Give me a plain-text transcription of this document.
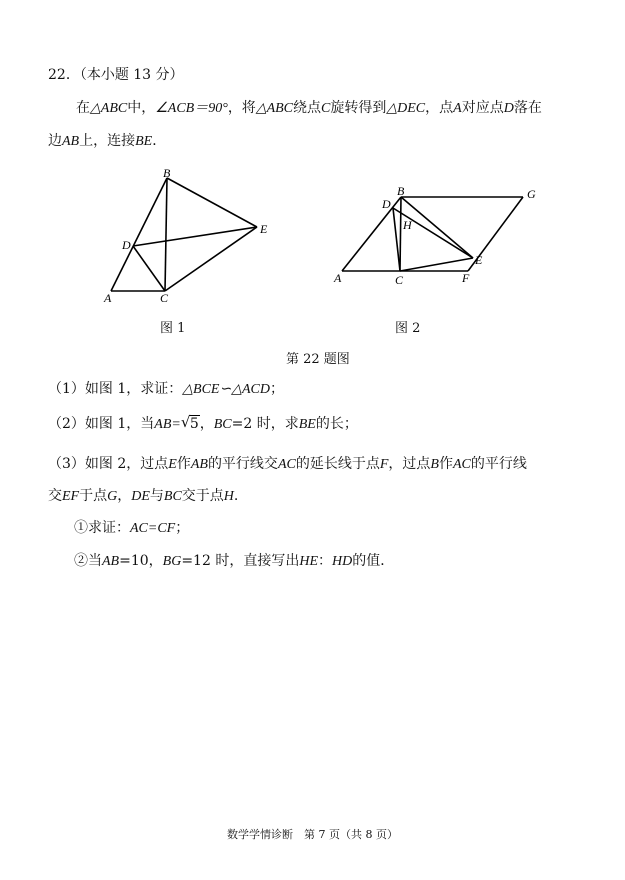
22．（本小题 13 分）
在△ABC中，∠ACB＝90°，将△ABC绕点C旋转得到△DEC，点A对应点D落在
边AB上，连接BE．
B
E
D
A	C
图 1
B	G
D
H
E
A	C	F
图 2
第 22 题图
（1）如图 1，求证：△BCE∽△ACD；
（2）如图 1，当AB= √ 5，BC=2 时，求BE的长；
（3）如图 2，过点E作AB的平行线交AC的延长线于点F，过点B作AC的平行线
交EF于点G，DE与BC交于点H.
①求证：AC=CF；
②当AB=10，BG=12 时，直接写出HE：HD的值．
数学学情诊断　第 7 页（共 8 页）
